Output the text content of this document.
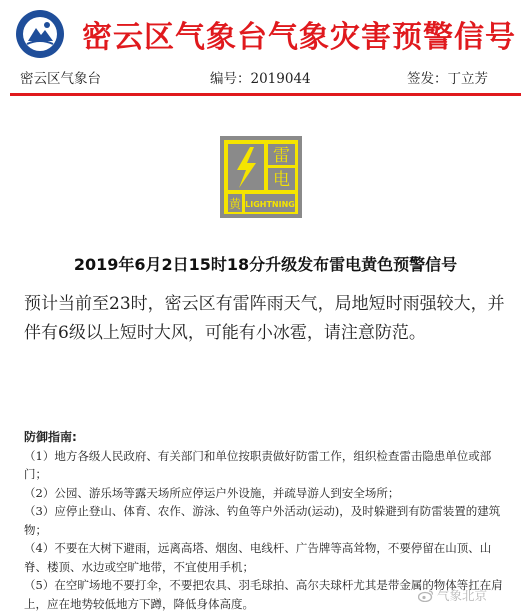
密云区气象台气象灾害预警信号
密云区气象台	编号：2019044	签发：丁立芳
雷
电
黄 LIGHTNING
2019年6月2日15时18分升级发布雷电黄色预警信号
预计当前至23时，密云区有雷阵雨天气，局地短时雨强较大，并伴有6级以上短时大风，可能有小冰雹，请注意防范。

防御指南:

（1）地方各级人民政府、有关部门和单位按职责做好防雷工作，组织检查雷击隐患单位或部门；

（2）公园、游乐场等露天场所应停运户外设施，并疏导游人到安全场所；

（3）应停止登山、体育、农作、游泳、钓鱼等户外活动(运动)，及时躲避到有防雷装置的建筑物；

（4）不要在大树下避雨，远离高塔、烟囱、电线杆、广告牌等高耸物，不要停留在山顶、山脊、楼顶、水边或空旷地带，不宜使用手机；

（5）在空旷场地不要打伞，不要把农具、羽毛球拍、高尔夫球杆尤其是带金属的物体等扛在肩上，应在地势较低地方下蹲，降低身体高度。

气象北京
